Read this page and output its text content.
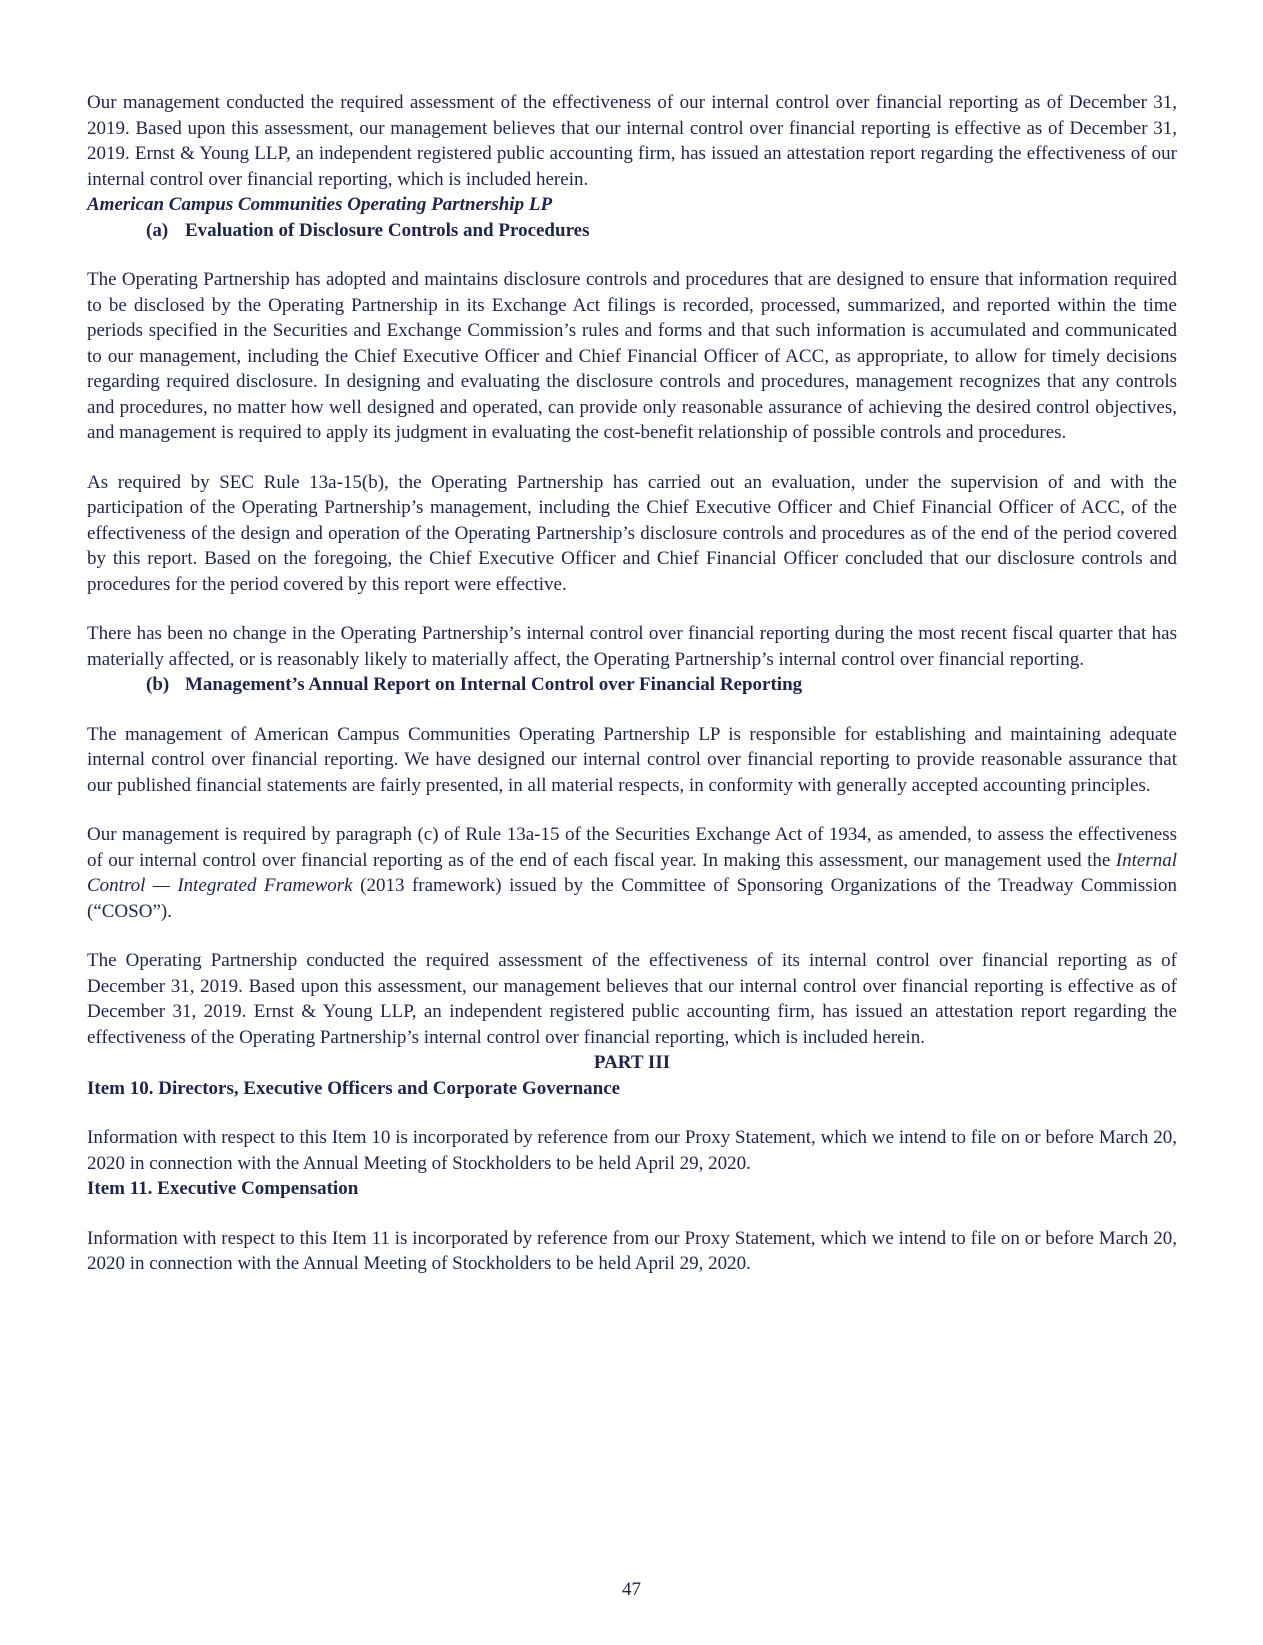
Our management conducted the required assessment of the effectiveness of our internal control over financial reporting as of December 31, 2019. Based upon this assessment, our management believes that our internal control over financial reporting is effective as of December 31, 2019. Ernst & Young LLP, an independent registered public accounting firm, has issued an attestation report regarding the effectiveness of our internal control over financial reporting, which is included herein.

American Campus Communities Operating Partnership LP
(a) Evaluation of Disclosure Controls and Procedures

The Operating Partnership has adopted and maintains disclosure controls and procedures that are designed to ensure that information required to be disclosed by the Operating Partnership in its Exchange Act filings is recorded, processed, summarized, and reported within the time periods specified in the Securities and Exchange Commission’s rules and forms and that such information is accumulated and communicated to our management, including the Chief Executive Officer and Chief Financial Officer of ACC, as appropriate, to allow for timely decisions regarding required disclosure. In designing and evaluating the disclosure controls and procedures, management recognizes that any controls and procedures, no matter how well designed and operated, can provide only reasonable assurance of achieving the desired control objectives, and management is required to apply its judgment in evaluating the cost-benefit relationship of possible controls and procedures.

As required by SEC Rule 13a-15(b), the Operating Partnership has carried out an evaluation, under the supervision of and with the participation of the Operating Partnership’s management, including the Chief Executive Officer and Chief Financial Officer of ACC, of the effectiveness of the design and operation of the Operating Partnership’s disclosure controls and procedures as of the end of the period covered by this report. Based on the foregoing, the Chief Executive Officer and Chief Financial Officer concluded that our disclosure controls and procedures for the period covered by this report were effective.

There has been no change in the Operating Partnership’s internal control over financial reporting during the most recent fiscal quarter that has materially affected, or is reasonably likely to materially affect, the Operating Partnership’s internal control over financial reporting.

(b) Management’s Annual Report on Internal Control over Financial Reporting

The management of American Campus Communities Operating Partnership LP is responsible for establishing and maintaining adequate internal control over financial reporting. We have designed our internal control over financial reporting to provide reasonable assurance that our published financial statements are fairly presented, in all material respects, in conformity with generally accepted accounting principles.

Our management is required by paragraph (c) of Rule 13a-15 of the Securities Exchange Act of 1934, as amended, to assess the effectiveness of our internal control over financial reporting as of the end of each fiscal year. In making this assessment, our management used the Internal Control — Integrated Framework (2013 framework) issued by the Committee of Sponsoring Organizations of the Treadway Commission (“COSO”).

The Operating Partnership conducted the required assessment of the effectiveness of its internal control over financial reporting as of December 31, 2019. Based upon this assessment, our management believes that our internal control over financial reporting is effective as of December 31, 2019. Ernst & Young LLP, an independent registered public accounting firm, has issued an attestation report regarding the effectiveness of the Operating Partnership’s internal control over financial reporting, which is included herein.

PART III
Item 10. Directors, Executive Officers and Corporate Governance

Information with respect to this Item 10 is incorporated by reference from our Proxy Statement, which we intend to file on or before March 20, 2020 in connection with the Annual Meeting of Stockholders to be held April 29, 2020.

Item 11. Executive Compensation

Information with respect to this Item 11 is incorporated by reference from our Proxy Statement, which we intend to file on or before March 20, 2020 in connection with the Annual Meeting of Stockholders to be held April 29, 2020.

47
